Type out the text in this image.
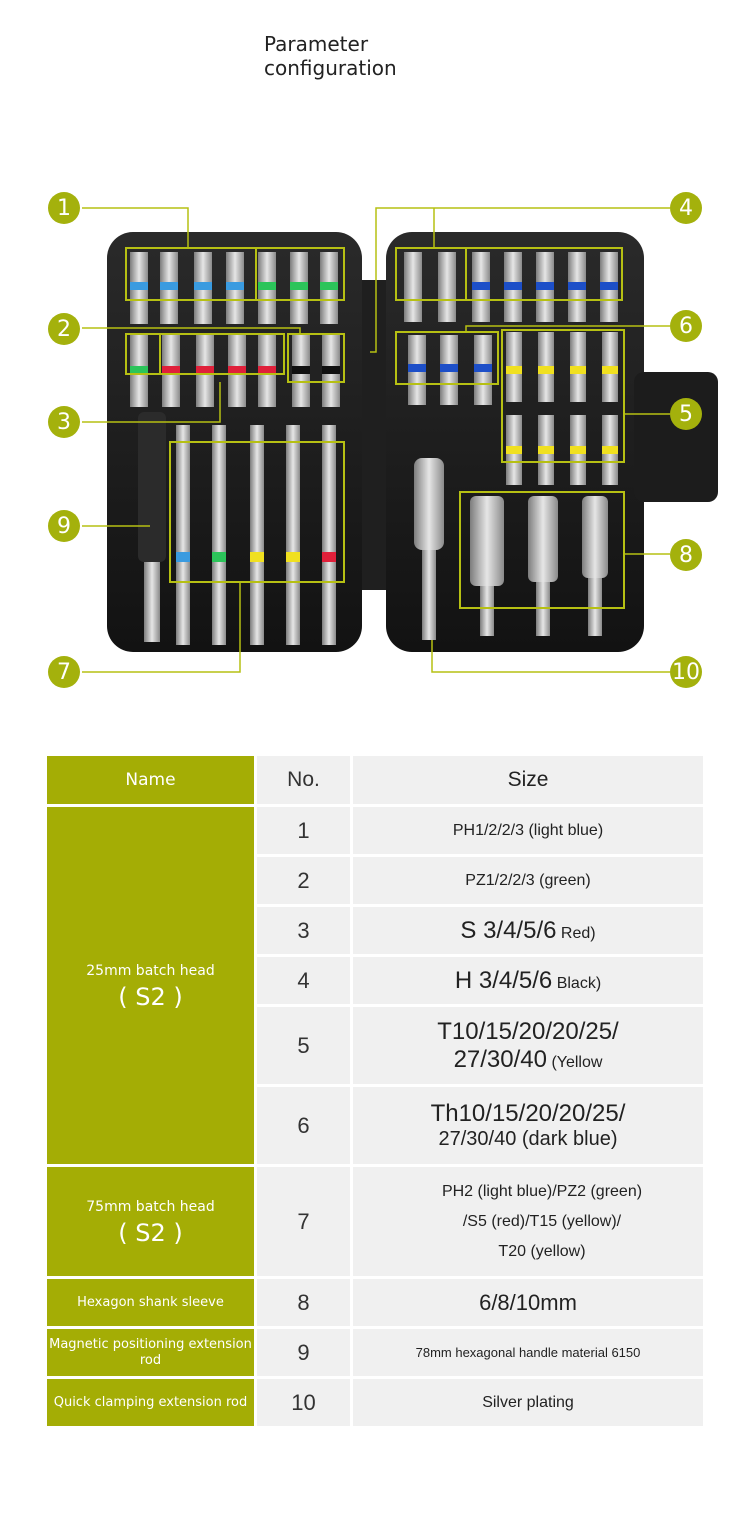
Parameter
configuration
1
2
3
4
5
6
7
8
9
10
Name	No.	Size
25mm batch head
( S2 )	1	PH1/2/2/3 (light blue)
	2	PZ1/2/2/3 (green)
	3	S 3/4/5/6 Red)
	4	H 3/4/5/6 Black)
	5	T10/15/20/20/25/
27/30/40 (Yellow

	6	Th10/15/20/20/25/
27/30/40 (dark blue)

75mm batch head
( S2 )	7	PH2 (light blue)/PZ2 (green)
/S5 (red)/T15 (yellow)/
T20 (yellow)

Hexagon shank sleeve	8	6/8/10mm
Magnetic positioning extension rod	9	78mm hexagonal handle material 6150
Quick clamping extension rod	10	Silver plating
